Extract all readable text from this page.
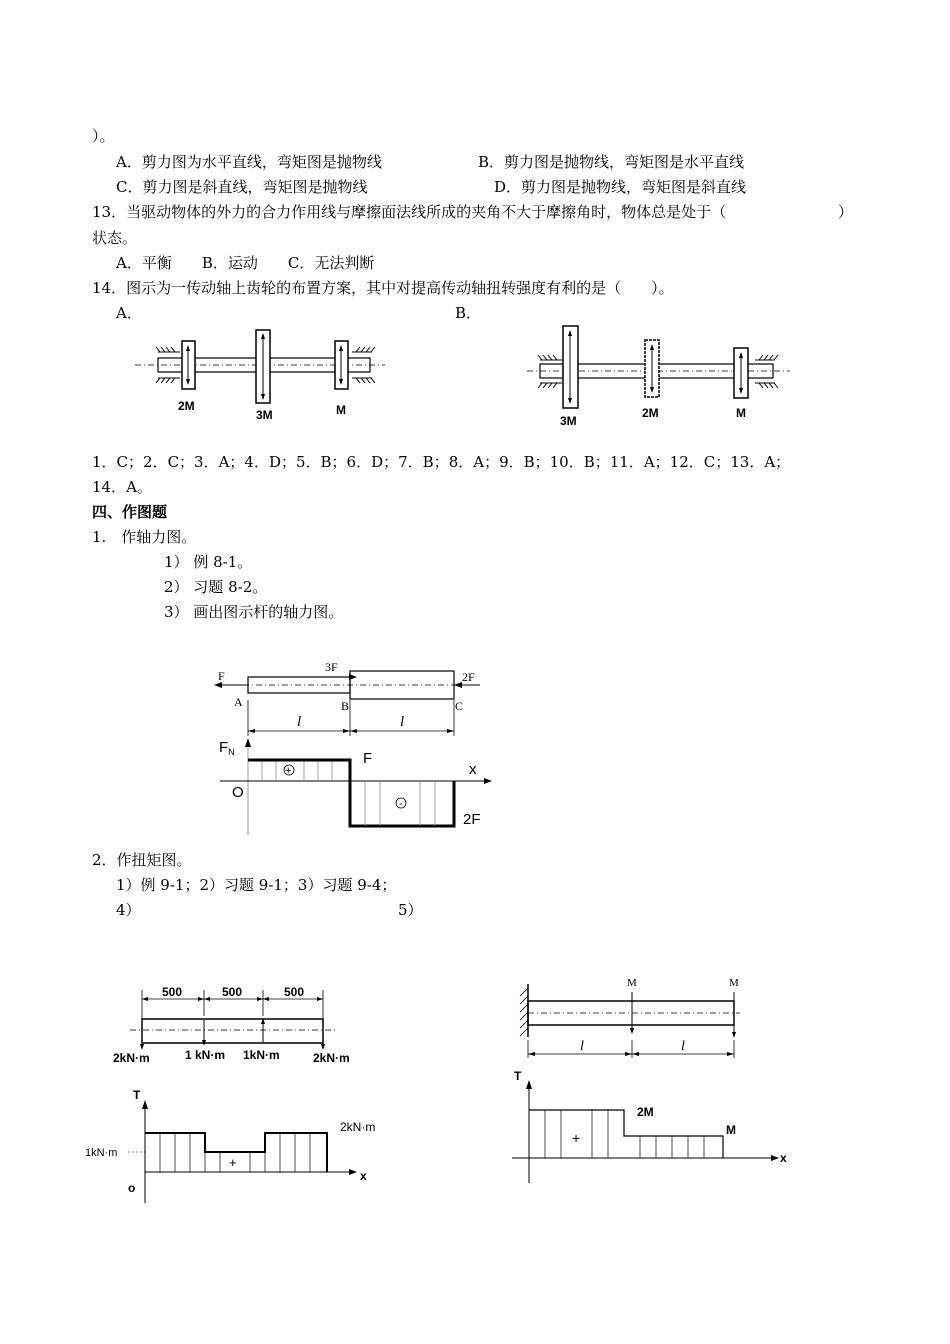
）。
A．剪力图为水平直线，弯矩图是抛物线	B．剪力图是抛物线，弯矩图是水平直线
C．剪力图是斜直线，弯矩图是抛物线	D．剪力图是抛物线，弯矩图是斜直线
13．当驱动物体的外力的合力作用线与摩擦面法线所成的夹角不大于摩擦角时，物体总是处于（	）
状态。
A．平衡　　B．运动　　C．无法判断
14．图示为一传动轴上齿轮的布置方案，其中对提高传动轴扭转强度有利的是（　　）。
A．	B．
2M
3M	M
3M
2M	M
1．C；2．C；3．A；4．D；5．B；6．D；7．B；8．A；9．B；10．B；11．A；12．C；13．A；
14．A。
四、作图题
1.　作轴力图。
1） 例 8-1。
2） 习题 8-2。
3） 画出图示杆的轴力图。
F
3F
2F
A	B	C
l	l
$F_N$
O
x
+
-
F
2F
2．作扭矩图。
1）例 9-1；2）习题 9-1；3）习题 9-4；
4）	5）
500	500	500
2kN·m	1 kN·m 1kN·m	2kN·m
T
1kN·m
2kN·m
o
x
+
M	M
l	l
T
x
2M
M
+
